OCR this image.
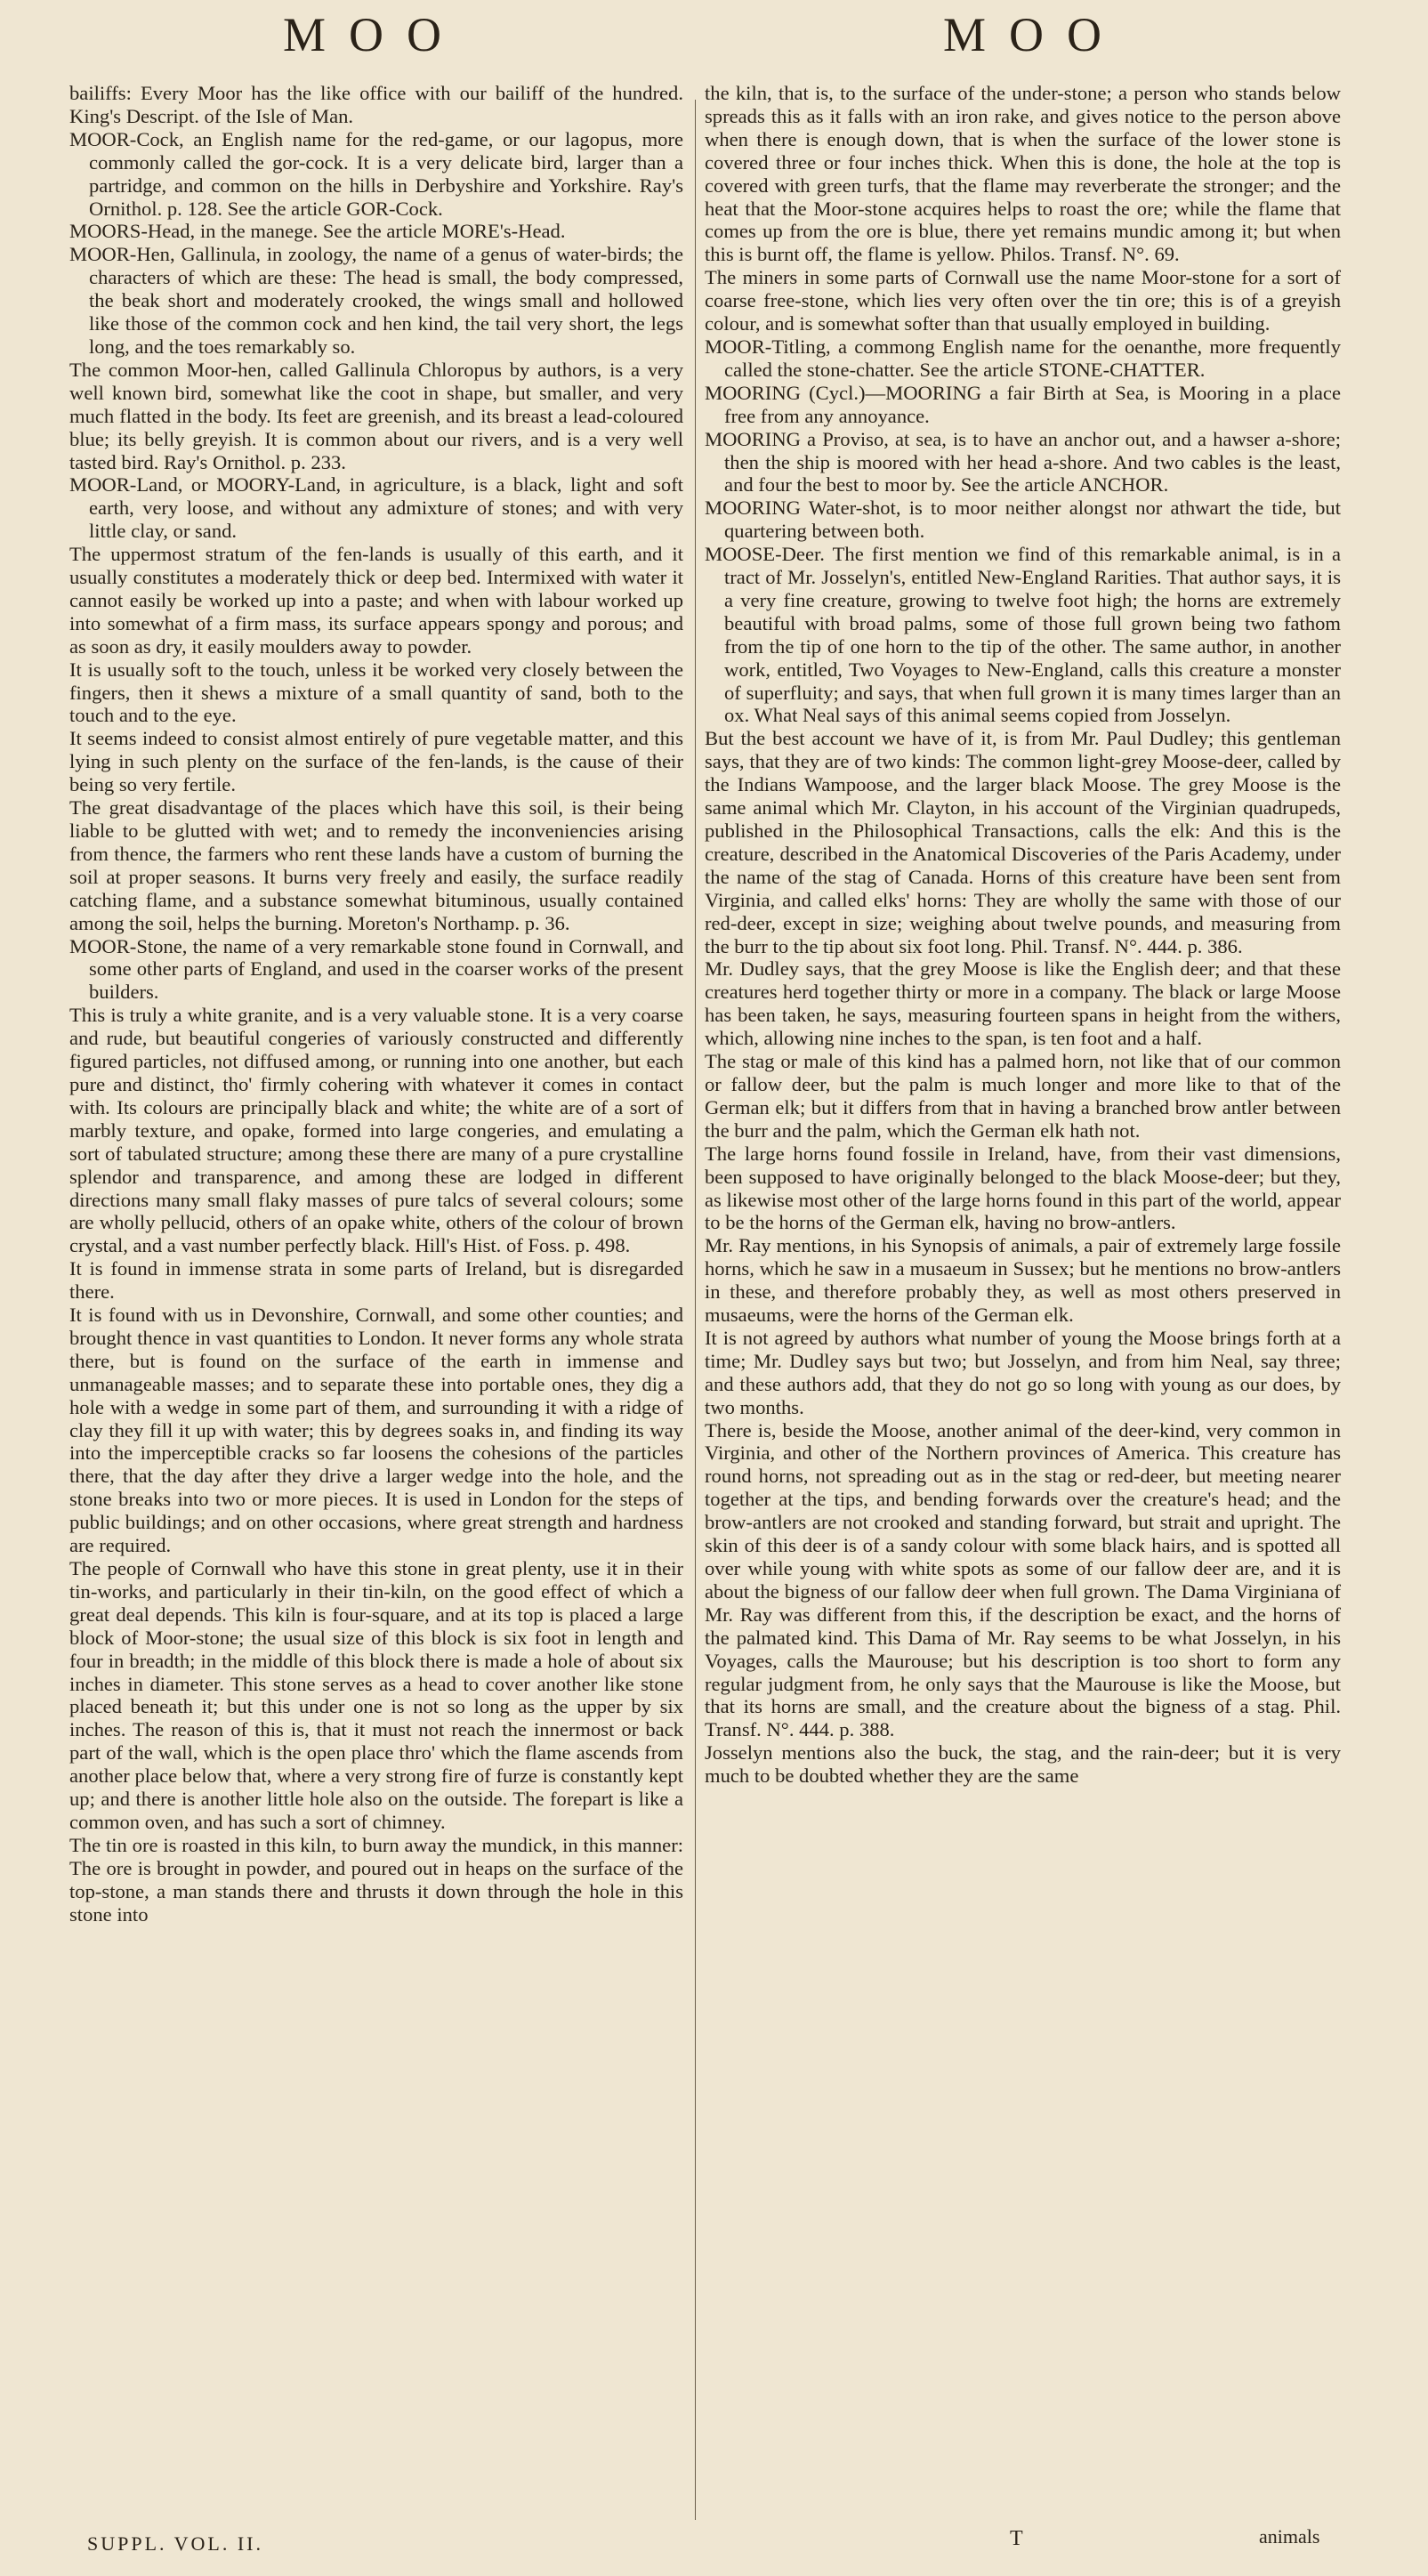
MOO	MOO

bailiffs: Every Moor has the like office with our bailiff of the hundred. King's Descript. of the Isle of Man.

MOOR-Cock, an English name for the red-game, or our lagopus, more commonly called the gor-cock. It is a very delicate bird, larger than a partridge, and common on the hills in Derbyshire and Yorkshire. Ray's Ornithol. p. 128. See the article GOR-Cock.

MOORS-Head, in the manege. See the article MORE's-Head.

MOOR-Hen, Gallinula, in zoology, the name of a genus of water-birds; the characters of which are these: The head is small, the body compressed, the beak short and moderately crooked, the wings small and hollowed like those of the common cock and hen kind, the tail very short, the legs long, and the toes remarkably so.

The common Moor-hen, called Gallinula Chloropus by authors, is a very well known bird, somewhat like the coot in shape, but smaller, and very much flatted in the body. Its feet are greenish, and its breast a lead-coloured blue; its belly greyish. It is common about our rivers, and is a very well tasted bird. Ray's Ornithol. p. 233.

MOOR-Land, or MOORY-Land, in agriculture, is a black, light and soft earth, very loose, and without any admixture of stones; and with very little clay, or sand.

The uppermost stratum of the fen-lands is usually of this earth, and it usually constitutes a moderately thick or deep bed. Intermixed with water it cannot easily be worked up into a paste; and when with labour worked up into somewhat of a firm mass, its surface appears spongy and porous; and as soon as dry, it easily moulders away to powder.

It is usually soft to the touch, unless it be worked very closely between the fingers, then it shews a mixture of a small quantity of sand, both to the touch and to the eye.

It seems indeed to consist almost entirely of pure vegetable matter, and this lying in such plenty on the surface of the fen-lands, is the cause of their being so very fertile.

The great disadvantage of the places which have this soil, is their being liable to be glutted with wet; and to remedy the inconveniencies arising from thence, the farmers who rent these lands have a custom of burning the soil at proper seasons. It burns very freely and easily, the surface readily catching flame, and a substance somewhat bituminous, usually contained among the soil, helps the burning. Moreton's Northamp. p. 36.

MOOR-Stone, the name of a very remarkable stone found in Cornwall, and some other parts of England, and used in the coarser works of the present builders.

This is truly a white granite, and is a very valuable stone. It is a very coarse and rude, but beautiful congeries of variously constructed and differently figured particles, not diffused among, or running into one another, but each pure and distinct, tho' firmly cohering with whatever it comes in contact with. Its colours are principally black and white; the white are of a sort of marbly texture, and opake, formed into large congeries, and emulating a sort of tabulated structure; among these there are many of a pure crystalline splendor and transparence, and among these are lodged in different directions many small flaky masses of pure talcs of several colours; some are wholly pellucid, others of an opake white, others of the colour of brown crystal, and a vast number perfectly black. Hill's Hist. of Foss. p. 498.

It is found in immense strata in some parts of Ireland, but is disregarded there.

It is found with us in Devonshire, Cornwall, and some other counties; and brought thence in vast quantities to London. It never forms any whole strata there, but is found on the surface of the earth in immense and unmanageable masses; and to separate these into portable ones, they dig a hole with a wedge in some part of them, and surrounding it with a ridge of clay they fill it up with water; this by degrees soaks in, and finding its way into the imperceptible cracks so far loosens the cohesions of the particles there, that the day after they drive a larger wedge into the hole, and the stone breaks into two or more pieces. It is used in London for the steps of public buildings; and on other occasions, where great strength and hardness are required.

The people of Cornwall who have this stone in great plenty, use it in their tin-works, and particularly in their tin-kiln, on the good effect of which a great deal depends. This kiln is four-square, and at its top is placed a large block of Moor-stone; the usual size of this block is six foot in length and four in breadth; in the middle of this block there is made a hole of about six inches in diameter. This stone serves as a head to cover another like stone placed beneath it; but this under one is not so long as the upper by six inches. The reason of this is, that it must not reach the innermost or back part of the wall, which is the open place thro' which the flame ascends from another place below that, where a very strong fire of furze is constantly kept up; and there is another little hole also on the outside. The forepart is like a common oven, and has such a sort of chimney.

The tin ore is roasted in this kiln, to burn away the mundick, in this manner: The ore is brought in powder, and poured out in heaps on the surface of the top-stone, a man stands there and thrusts it down through the hole in this stone into

the kiln, that is, to the surface of the under-stone; a person who stands below spreads this as it falls with an iron rake, and gives notice to the person above when there is enough down, that is when the surface of the lower stone is covered three or four inches thick. When this is done, the hole at the top is covered with green turfs, that the flame may reverberate the stronger; and the heat that the Moor-stone acquires helps to roast the ore; while the flame that comes up from the ore is blue, there yet remains mundic among it; but when this is burnt off, the flame is yellow. Philos. Transf. N°. 69.

The miners in some parts of Cornwall use the name Moor-stone for a sort of coarse free-stone, which lies very often over the tin ore; this is of a greyish colour, and is somewhat softer than that usually employed in building.

MOOR-Titling, a commong English name for the oenanthe, more frequently called the stone-chatter. See the article STONE-CHATTER.

MOORING (Cycl.)—MOORING a fair Birth at Sea, is Mooring in a place free from any annoyance.

MOORING a Proviso, at sea, is to have an anchor out, and a hawser a-shore; then the ship is moored with her head a-shore. And two cables is the least, and four the best to moor by. See the article ANCHOR.

MOORING Water-shot, is to moor neither alongst nor athwart the tide, but quartering between both.

MOOSE-Deer. The first mention we find of this remarkable animal, is in a tract of Mr. Josselyn's, entitled New-England Rarities. That author says, it is a very fine creature, growing to twelve foot high; the horns are extremely beautiful with broad palms, some of those full grown being two fathom from the tip of one horn to the tip of the other. The same author, in another work, entitled, Two Voyages to New-England, calls this creature a monster of superfluity; and says, that when full grown it is many times larger than an ox. What Neal says of this animal seems copied from Josselyn.

But the best account we have of it, is from Mr. Paul Dudley; this gentleman says, that they are of two kinds: The common light-grey Moose-deer, called by the Indians Wampoose, and the larger black Moose. The grey Moose is the same animal which Mr. Clayton, in his account of the Virginian quadrupeds, published in the Philosophical Transactions, calls the elk: And this is the creature, described in the Anatomical Discoveries of the Paris Academy, under the name of the stag of Canada. Horns of this creature have been sent from Virginia, and called elks' horns: They are wholly the same with those of our red-deer, except in size; weighing about twelve pounds, and measuring from the burr to the tip about six foot long. Phil. Transf. N°. 444. p. 386.

Mr. Dudley says, that the grey Moose is like the English deer; and that these creatures herd together thirty or more in a company. The black or large Moose has been taken, he says, measuring fourteen spans in height from the withers, which, allowing nine inches to the span, is ten foot and a half.

The stag or male of this kind has a palmed horn, not like that of our common or fallow deer, but the palm is much longer and more like to that of the German elk; but it differs from that in having a branched brow antler between the burr and the palm, which the German elk hath not.

The large horns found fossile in Ireland, have, from their vast dimensions, been supposed to have originally belonged to the black Moose-deer; but they, as likewise most other of the large horns found in this part of the world, appear to be the horns of the German elk, having no brow-antlers.

Mr. Ray mentions, in his Synopsis of animals, a pair of extremely large fossile horns, which he saw in a musaeum in Sussex; but he mentions no brow-antlers in these, and therefore probably they, as well as most others preserved in musaeums, were the horns of the German elk.

It is not agreed by authors what number of young the Moose brings forth at a time; Mr. Dudley says but two; but Josselyn, and from him Neal, say three; and these authors add, that they do not go so long with young as our does, by two months.

There is, beside the Moose, another animal of the deer-kind, very common in Virginia, and other of the Northern provinces of America. This creature has round horns, not spreading out as in the stag or red-deer, but meeting nearer together at the tips, and bending forwards over the creature's head; and the brow-antlers are not crooked and standing forward, but strait and upright. The skin of this deer is of a sandy colour with some black hairs, and is spotted all over while young with white spots as some of our fallow deer are, and it is about the bigness of our fallow deer when full grown. The Dama Virginiana of Mr. Ray was different from this, if the description be exact, and the horns of the palmated kind. This Dama of Mr. Ray seems to be what Josselyn, in his Voyages, calls the Maurouse; but his description is too short to form any regular judgment from, he only says that the Maurouse is like the Moose, but that its horns are small, and the creature about the bigness of a stag. Phil. Transf. N°. 444. p. 388.

Josselyn mentions also the buck, the stag, and the rain-deer; but it is very much to be doubted whether they are the same

SUPPL. VOL. II.	T	animals
